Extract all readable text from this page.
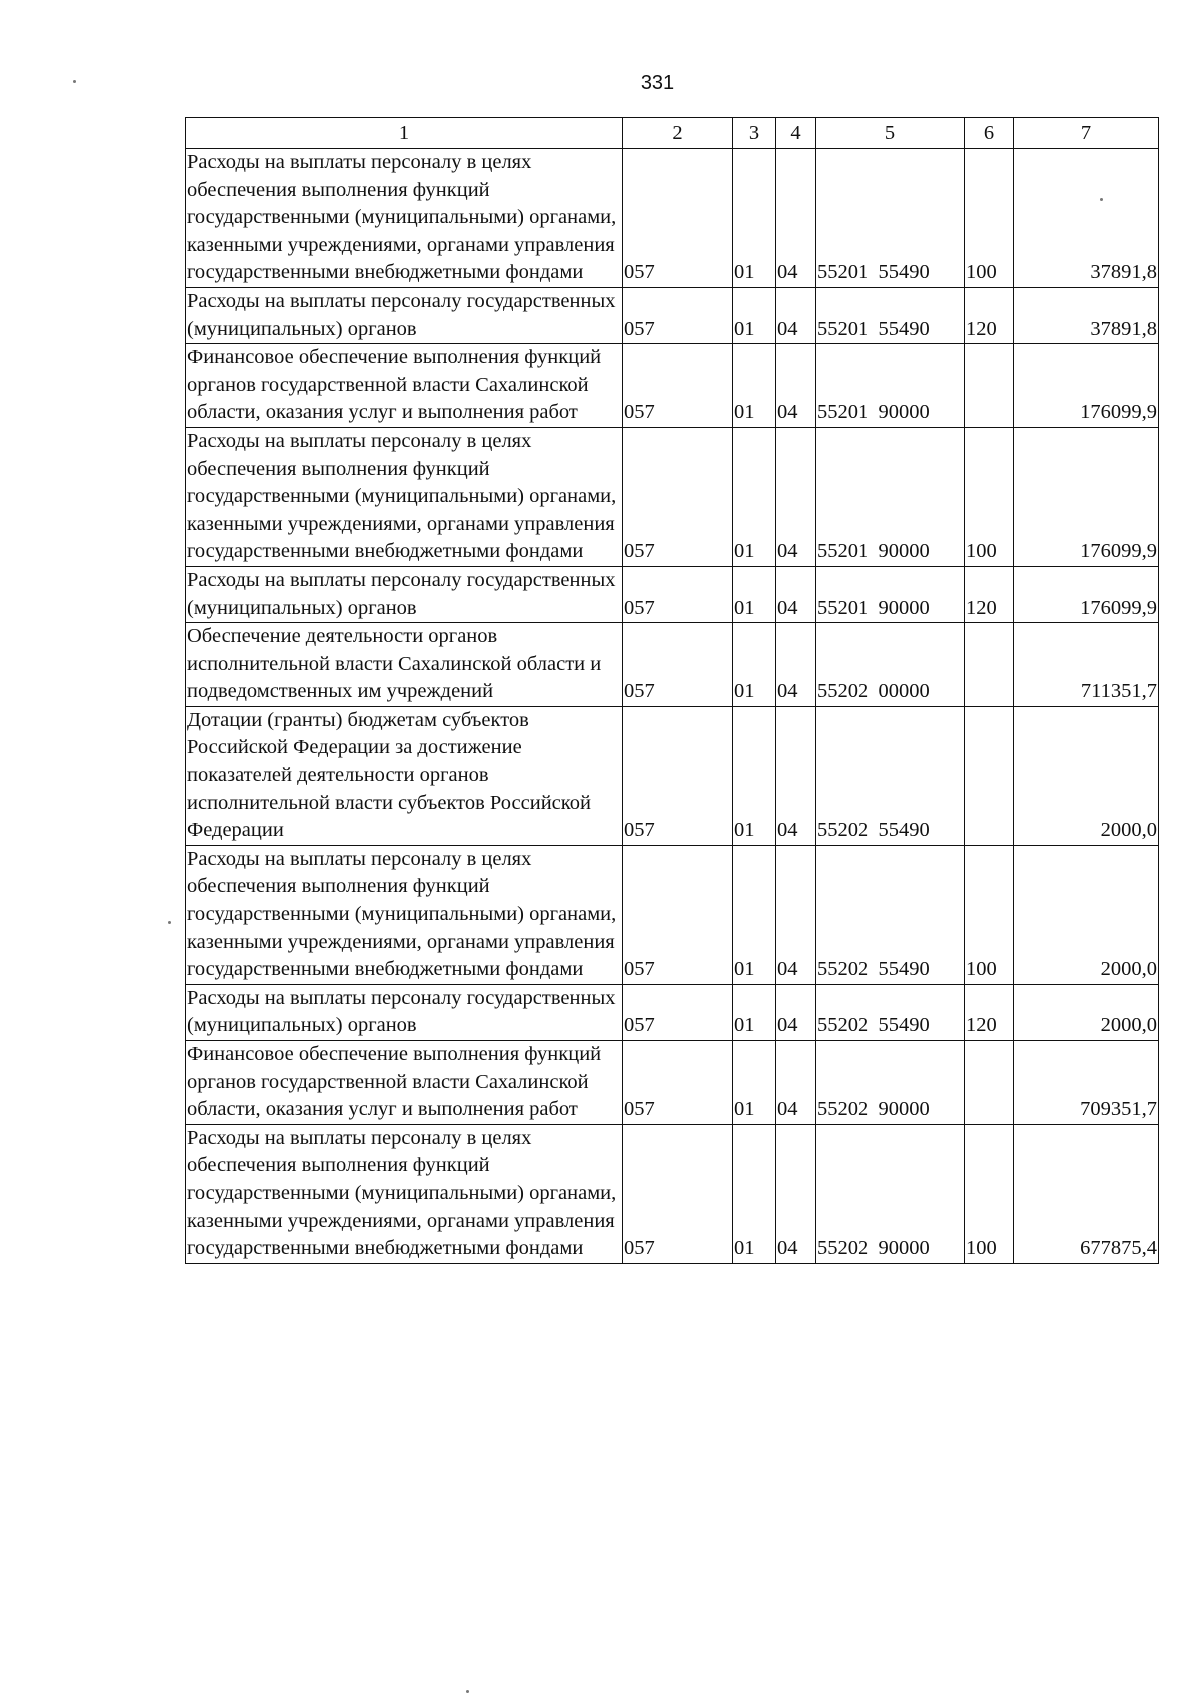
331
1	2	3	4	5	6	7
Расходы на выплаты персоналу в целях обеспечения выполнения функций государственными (муниципальными) органами, казенными учреждениями, органами управления государственными внебюджетными фондами	057	01	04	55201  55490	100	37891,8
Расходы на выплаты персоналу государственных (муниципальных) органов	057	01	04	55201  55490	120	37891,8
Финансовое обеспечение выполнения функций органов государственной власти Сахалинской области, оказания услуг и выполнения работ	057	01	04	55201  90000		176099,9
Расходы на выплаты персоналу в целях обеспечения выполнения функций государственными (муниципальными) органами, казенными учреждениями, органами управления государственными внебюджетными фондами	057	01	04	55201  90000	100	176099,9
Расходы на выплаты персоналу государственных (муниципальных) органов	057	01	04	55201  90000	120	176099,9
Обеспечение деятельности органов исполнительной власти Сахалинской области и подведомственных им учреждений	057	01	04	55202  00000		711351,7
Дотации (гранты) бюджетам субъектов Российской Федерации за достижение показателей деятельности органов исполнительной власти субъектов Российской Федерации	057	01	04	55202  55490		2000,0
Расходы на выплаты персоналу в целях обеспечения выполнения функций государственными (муниципальными) органами, казенными учреждениями, органами управления государственными внебюджетными фондами	057	01	04	55202  55490	100	2000,0
Расходы на выплаты персоналу государственных (муниципальных) органов	057	01	04	55202  55490	120	2000,0
Финансовое обеспечение выполнения функций органов государственной власти Сахалинской области, оказания услуг и выполнения работ	057	01	04	55202  90000		709351,7
Расходы на выплаты персоналу в целях обеспечения выполнения функций государственными (муниципальными) органами, казенными учреждениями, органами управления государственными внебюджетными фондами	057	01	04	55202  90000	100	677875,4
